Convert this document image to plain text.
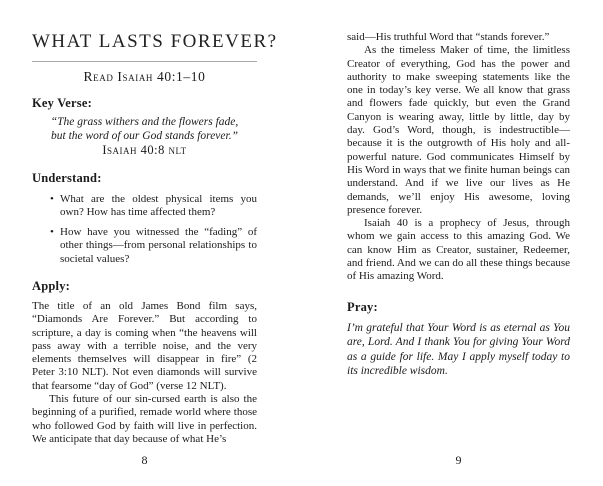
WHAT LASTS FOREVER?
Read Isaiah 40:1–10
Key Verse:
“The grass withers and the flowers fade,
but the word of our God stands forever.”
Isaiah 40:8 nlt
Understand:
• What are the oldest physical items you own? How has time affected them?
• How have you witnessed the “fading” of other things—from personal relationships to societal values?
Apply:

The title of an old James Bond film says, “Diamonds Are Forever.” But according to scripture, a day is coming when “the heavens will pass away with a terrible noise, and the very elements themselves will disappear in fire” (2 Peter 3:10 NLT). Not even diamonds will survive that fearsome “day of God” (verse 12 NLT).

This future of our sin-cursed earth is also the beginning of a purified, remade world where those who followed God by faith will live in perfection. We anticipate that day because of what He’s

8

said—His truthful Word that “stands forever.”

As the timeless Maker of time, the limitless Creator of everything, God has the power and authority to make sweeping statements like the one in today’s key verse. We all know that grass and flowers fade quickly, but even the Grand Canyon is wearing away, little by little, day by day. God’s Word, though, is indestructible—because it is the outgrowth of His holy and all-powerful nature. God communicates Himself by His Word in ways that we finite human beings can understand. And if we live our lives as He demands, we’ll enjoy His awesome, loving presence forever.

Isaiah 40 is a prophecy of Jesus, through whom we gain access to this amazing God. We can know Him as Creator, sustainer, Redeemer, and friend. And we can do all these things because of His amazing Word.

Pray:

I’m grateful that Your Word is as eternal as You are, Lord. And I thank You for giving Your Word as a guide for life. May I apply myself today to its incredible wisdom.

9
